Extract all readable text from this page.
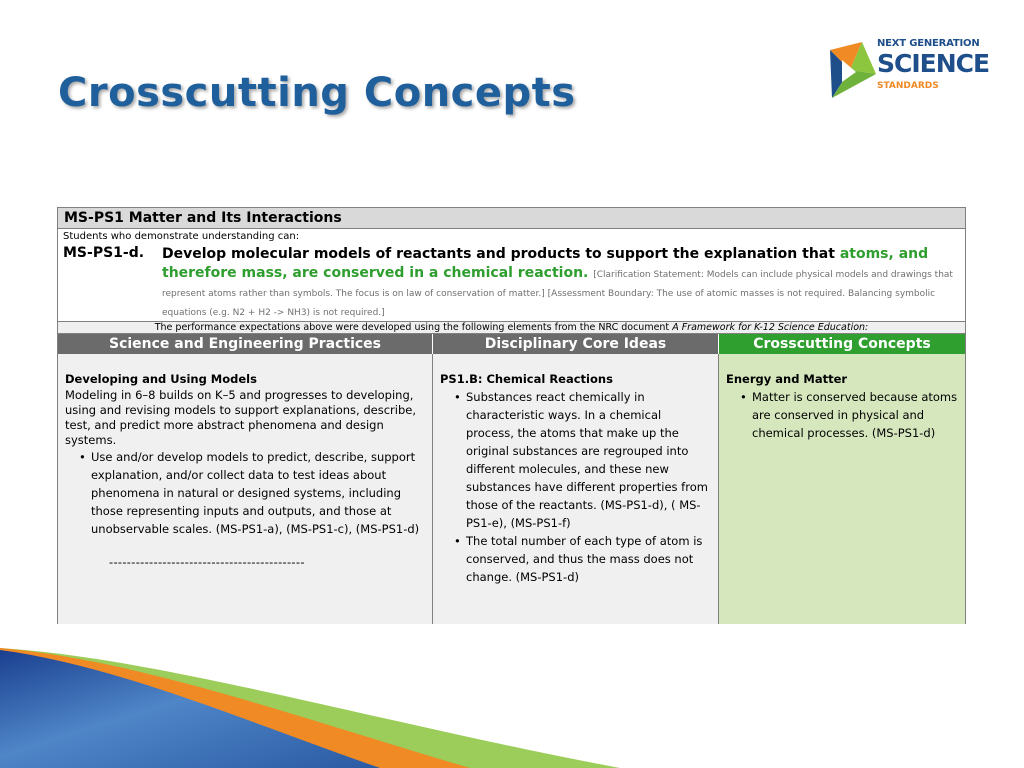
Crosscutting Concepts
NEXT GENERATION
SCIENCE
STANDARDS
MS-PS1 Matter and Its Interactions
Students who demonstrate understanding can:
MS-PS1-d. Develop molecular models of reactants and products to support the explanation that atoms, and therefore mass, are conserved in a chemical reaction. [Clarification Statement: Models can include physical models and drawings that represent atoms rather than symbols. The focus is on law of conservation of matter.] [Assessment Boundary: The use of atomic masses is not required. Balancing symbolic equations (e.g. N2 + H2 -> NH3) is not required.]
The performance expectations above were developed using the following elements from the NRC document A Framework for K-12 Science Education:
Science and Engineering Practices	Disciplinary Core Ideas	Crosscutting Concepts
Developing and Using Models

Modeling in 6–8 builds on K–5 and progresses to developing, using and revising models to support explanations, describe, test, and predict more abstract phenomena and design systems.

• Use and/or develop models to predict, describe, support explanation, and/or collect data to test ideas about phenomena in natural or designed systems, including those representing inputs and outputs, and those at unobservable scales. (MS-PS1-a), (MS-PS1-c), (MS-PS1-d)
--------------------------------------------
PS1.B: Chemical Reactions
• Substances react chemically in characteristic ways. In a chemical process, the atoms that make up the original substances are regrouped into different molecules, and these new substances have different properties from those of the reactants. (MS-PS1-d), ( MS-PS1-e), (MS-PS1-f)
• The total number of each type of atom is conserved, and thus the mass does not change. (MS-PS1-d)
Energy and Matter
• Matter is conserved because atoms are conserved in physical and chemical processes. (MS-PS1-d)
